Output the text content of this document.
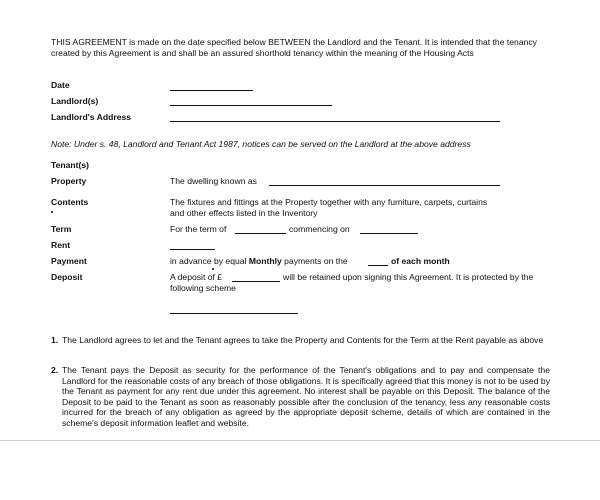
THIS AGREEMENT is made on the date specified below BETWEEN the Landlord and the Tenant. It is intended that the tenancy created by this Agreement is and shall be an assured shorthold tenancy within the meaning of the Housing Acts
Date
Landlord(s)
Landlord's Address
Note: Under s. 48, Landlord and Tenant Act 1987, notices can be served on the Landlord at the above address
Tenant(s)
Property	The dwelling known as
Contents	The fixtures and fittings at the Property together with any furniture, carpets, curtains and other effects listed in the Inventory
Term	For the term of	commencing on
Rent
Payment	in advance by equal Monthly payments on the	of each month
Deposit	A deposit of £	will be retained upon signing this Agreement. It is protected by the following scheme
1. The Landlord agrees to let and the Tenant agrees to take the Property and Contents for the Term at the Rent payable as above
2. The Tenant pays the Deposit as security for the performance of the Tenant's obligations and to pay and compensate the Landlord for the reasonable costs of any breach of those obligations. It is specifically agreed that this money is not to be used by the Tenant as payment for any rent due under this agreement. No interest shall be payable on this Deposit. The balance of the Deposit to be paid to the Tenant as soon as reasonably possible after the conclusion of the tenancy, less any reasonable costs incurred for the breach of any obligation as agreed by the appropriate deposit scheme, details of which are contained in the scheme's deposit information leaflet and website.
